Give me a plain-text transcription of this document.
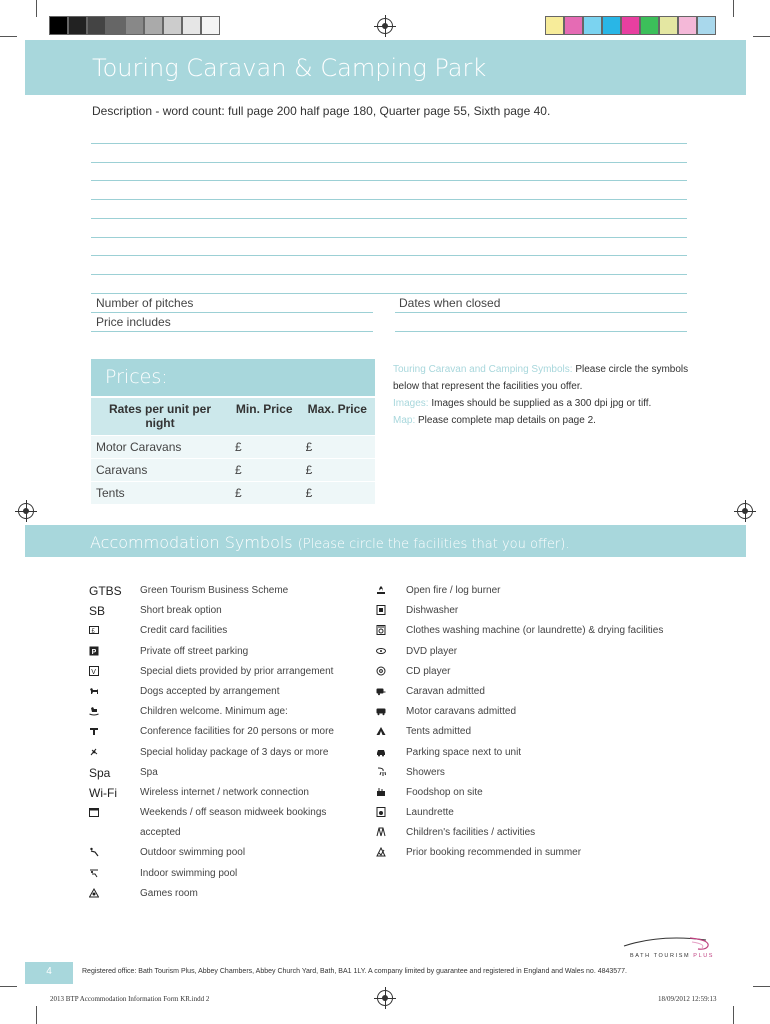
Touring Caravan & Camping Park
Description - word count: full page 200 half page 180, Quarter page 55, Sixth page 40.
Number of pitches	Dates when closed
Price includes
Prices:
Rates per unit per night	Min. Price	Max. Price
Motor Caravans	£	£
Caravans	£	£
Tents	£	£
Touring Caravan and Camping Symbols: Please circle the symbols below that represent the facilities you offer.
Images: Images should be supplied as a 300 dpi jpg or tiff.
Map: Please complete map details on page 2.
Accommodation Symbols (Please circle the facilities that you offer).
GTBS	Green Tourism Business Scheme
SB	Short break option
£	Credit card facilities
P	Private off street parking
V	Special diets provided by prior arrangement
Dogs accepted by arrangement
Children welcome. Minimum age:
Conference facilities for 20 persons or more
Special holiday package of 3 days or more
Spa	Spa
Wi-Fi	Wireless internet / network connection
Weekends / off season midweek bookings
accepted
Outdoor swimming pool
Indoor swimming pool
Games room
Open fire / log burner
Dishwasher
Clothes washing machine (or laundrette) & drying facilities
DVD player
CD player
Caravan admitted
Motor caravans admitted
Tents admitted
Parking space next to unit
Showers
Foodshop on site
Laundrette
Children's facilities / activities
Prior booking recommended in summer
BATH TOURISM PLUS
4	Registered office: Bath Tourism Plus, Abbey Chambers, Abbey Church Yard, Bath, BA1 1LY. A company limited by guarantee and registered in England and Wales no. 4843577.
2013 BTP Accommodation Information Form KR.indd 2	18/09/2012 12:59:13
